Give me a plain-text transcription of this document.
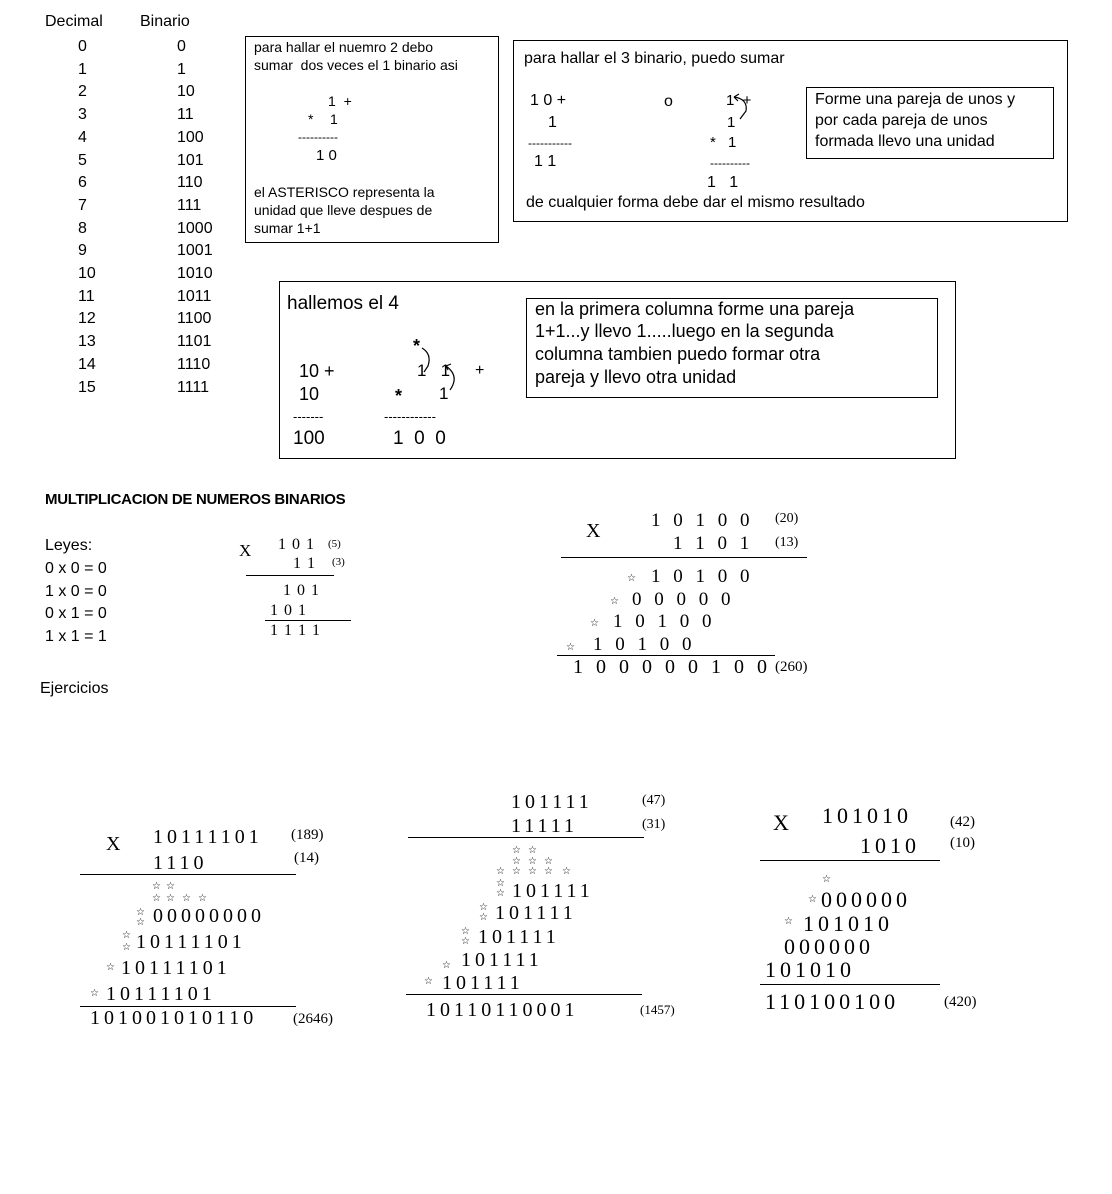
Decimal Binario
0	0
1	1
2	10
3	11
4	100
5	101
6	110
7	111
8	1000
9	1001
10	1010
11	1011
12	1100
13	1101
14	1110
15	1111
para hallar el nuemro 2 debo
sumar  dos veces el 1 binario asi
1  +
* 1
----------
1 0
el ASTERISCO representa la
unidad que lleve despues de
sumar 1+1
para hallar el 3 binario, puedo sumar
1 0 +
1
-----------
1 1
o	1  +
1
* 1
----------
1   1
de cualquier forma debe dar el mismo resultado
Forme una pareja de unos y
por cada pareja de unos
formada llevo una unidad
hallemos el 4
10 +
10
-------
100
*
1   1
1
*
+
------------
1  0  0
en la primera columna forme una pareja
1+1...y llevo 1.....luego en la segunda
columna tambien puedo formar otra
pareja y llevo otra unidad
MULTIPLICACION DE NUMEROS BINARIOS
Leyes:
0 x 0 = 0
1 x 0 = 0
0 x 1 = 0
1 x 1 = 1
Ejercicios
X 1 0 1 (5)
1 1 (3)
1 0 1
1 0 1
1 1 1 1
X	1 0 1 0 0 (20)
1 1 0 1 (13)
☆ 1 0 1 0 0
☆ 0 0 0 0 0
☆ 1 0 1 0 0
☆ 1 0 1 0 0
1 0 0 0 0 0 1 0 0 (260)
X 10111101 (189)
1110	(14)
☆ ☆
☆ ☆ ☆ ☆
☆
☆
☆
☆
☆
☆
00000000
10111101
10111101
10111101
101001010110 (2646)
101111	(47)
11111	(31)
☆ ☆
☆ ☆ ☆
☆ ☆ ☆ ☆ ☆
☆
☆
☆
☆
☆
☆
☆
☆
101111
101111
101111
101111
101111
10110110001	(1457)
X 101010	(42)
1010 (10)
☆
☆ 000000
☆ 101010
000000
101010
110100100	(420)
